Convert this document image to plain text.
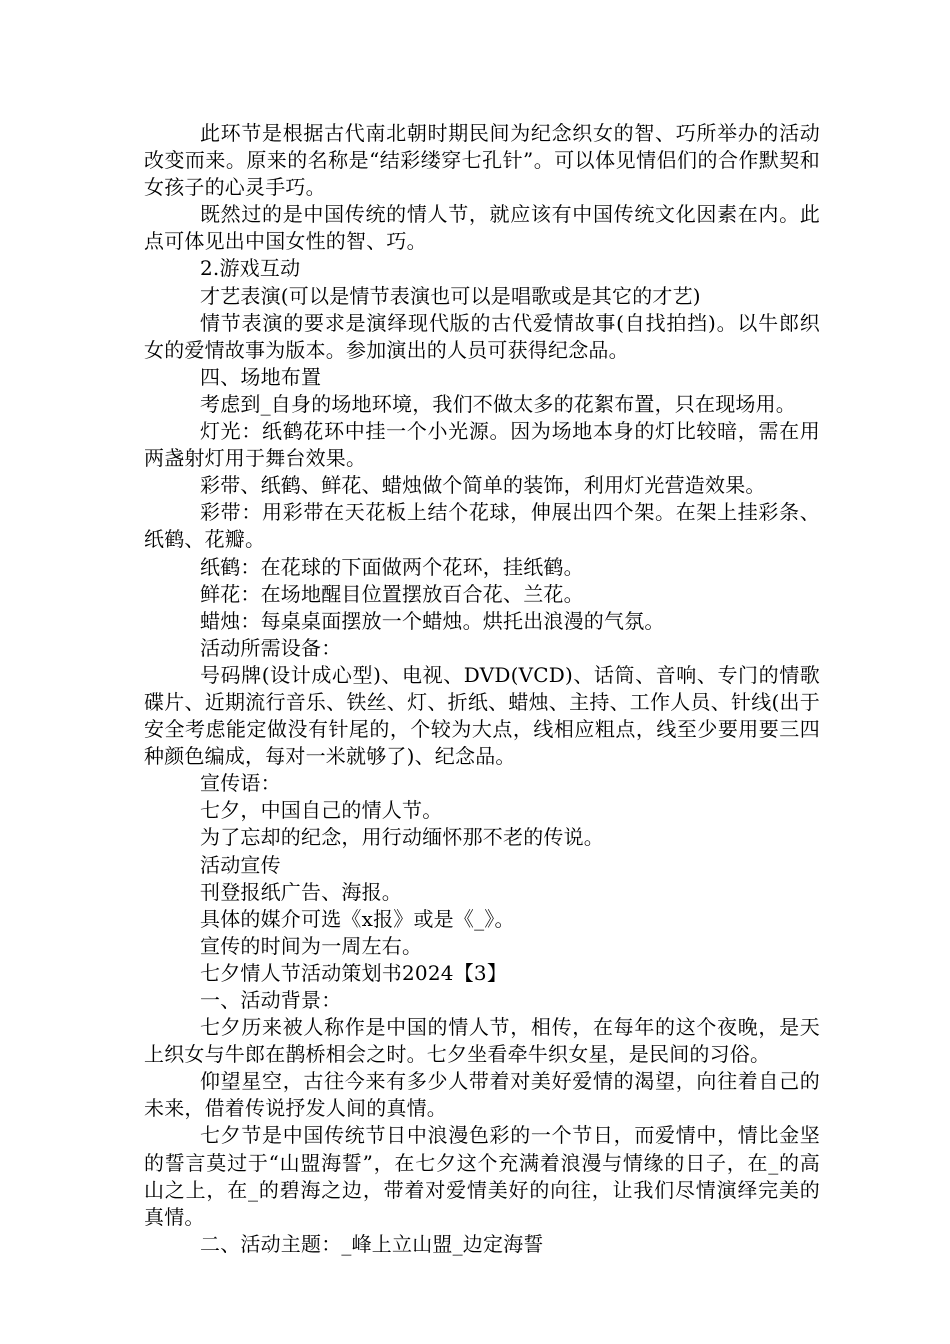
此环节是根据古代南北朝时期民间为纪念织女的智、巧所举办的活动改变而来。原来的名称是“结彩缕穿七孔针”。可以体见情侣们的合作默契和女孩子的心灵手巧。

既然过的是中国传统的情人节，就应该有中国传统文化因素在内。此点可体见出中国女性的智、巧。

2.游戏互动

才艺表演(可以是情节表演也可以是唱歌或是其它的才艺)

情节表演的要求是演绎现代版的古代爱情故事(自找拍挡)。以牛郎织女的爱情故事为版本。参加演出的人员可获得纪念品。

四、场地布置

考虑到_自身的场地环境，我们不做太多的花絮布置，只在现场用。

灯光：纸鹤花环中挂一个小光源。因为场地本身的灯比较暗，需在用两盏射灯用于舞台效果。

彩带、纸鹤、鲜花、蜡烛做个简单的装饰，利用灯光营造效果。

彩带：用彩带在天花板上结个花球，伸展出四个架。在架上挂彩条、纸鹤、花瓣。

纸鹤：在花球的下面做两个花环，挂纸鹤。

鲜花：在场地醒目位置摆放百合花、兰花。

蜡烛：每桌桌面摆放一个蜡烛。烘托出浪漫的气氛。

活动所需设备：

号码牌(设计成心型)、电视、DVD(VCD)、话筒、音响、专门的情歌碟片、近期流行音乐、铁丝、灯、折纸、蜡烛、主持、工作人员、针线(出于安全考虑能定做没有针尾的，个较为大点，线相应粗点，线至少要用要三四种颜色编成，每对一米就够了)、纪念品。

宣传语：

七夕，中国自己的情人节。

为了忘却的纪念，用行动缅怀那不老的传说。

活动宣传

刊登报纸广告、海报。

具体的媒介可选《x报》或是《_》。

宣传的时间为一周左右。

七夕情人节活动策划书2024【3】

一、活动背景：

七夕历来被人称作是中国的情人节，相传，在每年的这个夜晚，是天上织女与牛郎在鹊桥相会之时。七夕坐看牵牛织女星，是民间的习俗。

仰望星空，古往今来有多少人带着对美好爱情的渴望，向往着自己的未来，借着传说抒发人间的真情。

七夕节是中国传统节日中浪漫色彩的一个节日，而爱情中，情比金坚的誓言莫过于“山盟海誓”，在七夕这个充满着浪漫与情缘的日子，在_的高山之上，在_的碧海之边，带着对爱情美好的向往，让我们尽情演绎完美的真情。

二、活动主题：_峰上立山盟_边定海誓
